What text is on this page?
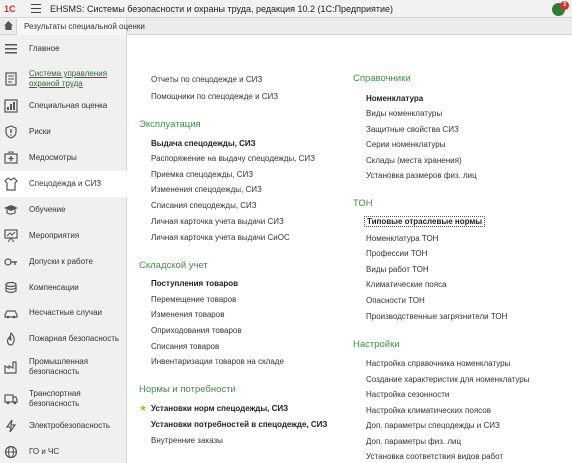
1С	EHSMS: Системы безопасности и охраны труда, редакция 10.2 (1С:Предприятие)	3
Результаты специальной оценки
Главное
Система управления охраной труда
Специальная оценка
Риски
Медосмотры
Спецодежда и СИЗ
Обучение
Мероприятия
Допуски к работе
Компенсации
Несчастные случаи
Пожарная безопасность
Промышленная безопасность
Транспортная безопасность
Электробезопасность
ГО и ЧС
Отчеты по спецодежде и СИЗ
Помощники по спецодежде и СИЗ
Эксплуатация
Выдача спецодежды, СИЗ
Распоряжение на выдачу спецодежды, СИЗ
Приемка спецодежды, СИЗ
Изменения спецодежды, СИЗ
Списания спецодежды, СИЗ
Личная карточка учета выдачи СИЗ
Личная карточка учета выдачи СиОС
Складской учет
Поступления товаров
Перемещение товаров
Изменения товаров
Оприходования товаров
Списания товаров
Инвентаризации товаров на складе
Нормы и потребности
★ Установки норм спецодежды, СИЗ
Установки потребностей в спецодежде, СИЗ
Внутренние заказы
Справочники
Номенклатура
Виды номенклатуры
Защитные свойства СИЗ
Серии номенклатуры
Склады (места хранения)
Установка размеров физ. лиц
ТОН
Типовые отраслевые нормы
Номенклатура ТОН
Профессии ТОН
Виды работ ТОН
Климатические пояса
Опасности ТОН
Производственные загрязнители ТОН
Настройки
Настройка справочника номенклатуры
Создание характеристик для номенклатуры
Настройка сезонности
Настройка климатических поясов
Доп. параметры спецодежды и СИЗ
Доп. параметры физ. лиц
Установка соответствия видов работ
